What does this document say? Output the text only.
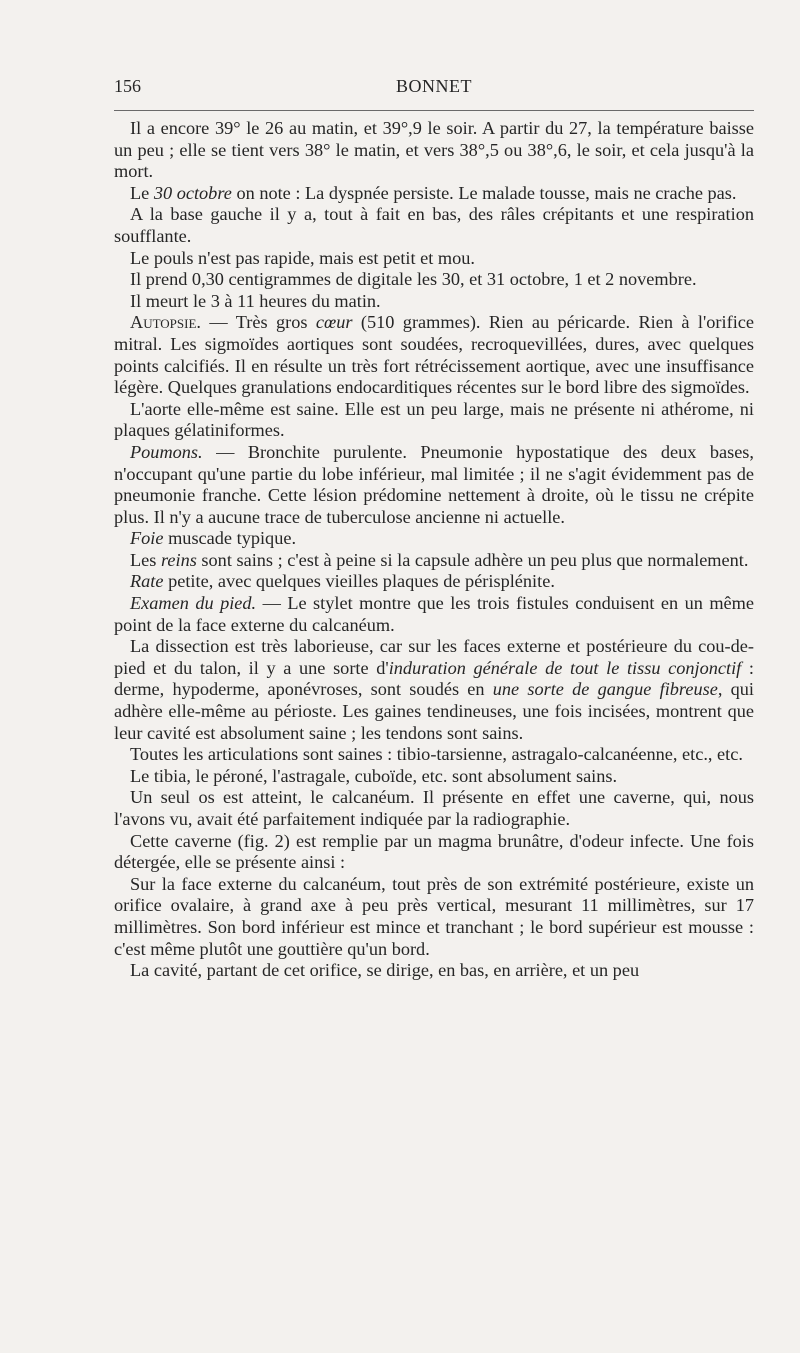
156	BONNET

Il a encore 39° le 26 au matin, et 39°,9 le soir. A partir du 27, la température baisse un peu ; elle se tient vers 38° le matin, et vers 38°,5 ou 38°,6, le soir, et cela jusqu'à la mort.

Le 30 octobre on note : La dyspnée persiste. Le malade tousse, mais ne crache pas.

A la base gauche il y a, tout à fait en bas, des râles crépitants et une respiration soufflante.

Le pouls n'est pas rapide, mais est petit et mou.

Il prend 0,30 centigrammes de digitale les 30, et 31 octobre, 1 et 2 novembre.

Il meurt le 3 à 11 heures du matin.

Autopsie. — Très gros cœur (510 grammes). Rien au péricarde. Rien à l'orifice mitral. Les sigmoïdes aortiques sont soudées, recroquevillées, dures, avec quelques points calcifiés. Il en résulte un très fort rétrécissement aortique, avec une insuffisance légère. Quelques granulations endocarditiques récentes sur le bord libre des sigmoïdes.

L'aorte elle-même est saine. Elle est un peu large, mais ne présente ni athérome, ni plaques gélatiniformes.

Poumons. — Bronchite purulente. Pneumonie hypostatique des deux bases, n'occupant qu'une partie du lobe inférieur, mal limitée ; il ne s'agit évidemment pas de pneumonie franche. Cette lésion prédomine nettement à droite, où le tissu ne crépite plus. Il n'y a aucune trace de tuberculose ancienne ni actuelle.

Foie muscade typique.

Les reins sont sains ; c'est à peine si la capsule adhère un peu plus que normalement.

Rate petite, avec quelques vieilles plaques de périsplénite.

Examen du pied. — Le stylet montre que les trois fistules conduisent en un même point de la face externe du calcanéum.

La dissection est très laborieuse, car sur les faces externe et postérieure du cou-de-pied et du talon, il y a une sorte d'induration générale de tout le tissu conjonctif : derme, hypoderme, aponévroses, sont soudés en une sorte de gangue fibreuse, qui adhère elle-même au périoste. Les gaines tendineuses, une fois incisées, montrent que leur cavité est absolument saine ; les tendons sont sains.

Toutes les articulations sont saines : tibio-tarsienne, astragalo-calcanéenne, etc., etc.

Le tibia, le péroné, l'astragale, cuboïde, etc. sont absolument sains.

Un seul os est atteint, le calcanéum. Il présente en effet une caverne, qui, nous l'avons vu, avait été parfaitement indiquée par la radiographie.

Cette caverne (fig. 2) est remplie par un magma brunâtre, d'odeur infecte. Une fois détergée, elle se présente ainsi :

Sur la face externe du calcanéum, tout près de son extrémité postérieure, existe un orifice ovalaire, à grand axe à peu près vertical, mesurant 11 millimètres, sur 17 millimètres. Son bord inférieur est mince et tranchant ; le bord supérieur est mousse : c'est même plutôt une gouttière qu'un bord.

La cavité, partant de cet orifice, se dirige, en bas, en arrière, et un peu
